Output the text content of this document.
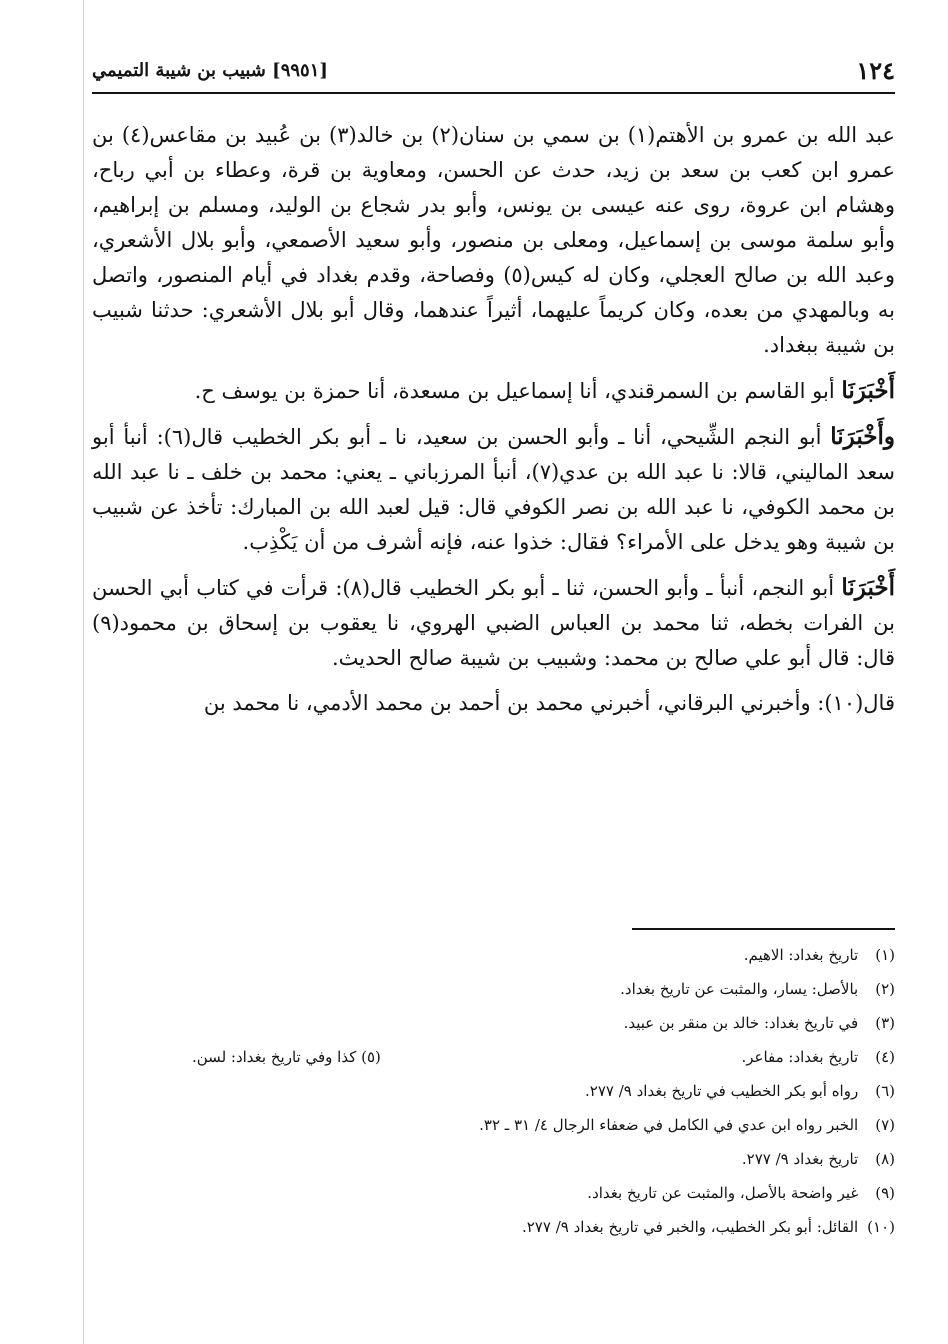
١٢٤
[٩٩٥١] شبيب بن شيبة التميمي

عبد الله بن عمرو بن الأهتم(١) بن سمي بن سنان(٢) بن خالد(٣) بن عُبيد بن مقاعس(٤) بن عمرو ابن كعب بن سعد بن زيد، حدث عن الحسن، ومعاوية بن قرة، وعطاء بن أبي رباح، وهشام ابن عروة، روى عنه عيسى بن يونس، وأبو بدر شجاع بن الوليد، ومسلم بن إبراهيم، وأبو سلمة موسى بن إسماعيل، ومعلى بن منصور، وأبو سعيد الأصمعي، وأبو بلال الأشعري، وعبد الله بن صالح العجلي، وكان له كيس(٥) وفصاحة، وقدم بغداد في أيام المنصور، واتصل به وبالمهدي من بعده، وكان كريماً عليهما، أثيراً عندهما، وقال أبو بلال الأشعري: حدثنا شبيب بن شيبة ببغداد.

أَخْبَرَنَا أبو القاسم بن السمرقندي، أنا إسماعيل بن مسعدة، أنا حمزة بن يوسف ح.

وأَخْبَرَنَا أبو النجم الشِّيحي، أنا ـ وأبو الحسن بن سعيد، نا ـ أبو بكر الخطيب قال(٦): أنبأ أبو سعد الماليني، قالا: نا عبد الله بن عدي(٧)، أنبأ المرزباني ـ يعني: محمد بن خلف ـ نا عبد الله بن محمد الكوفي، نا عبد الله بن نصر الكوفي قال: قيل لعبد الله بن المبارك: تأخذ عن شبيب بن شيبة وهو يدخل على الأمراء؟ فقال: خذوا عنه، فإنه أشرف من أن يَكْذِب.

أَخْبَرَنَا أبو النجم، أنبأ ـ وأبو الحسن، ثنا ـ أبو بكر الخطيب قال(٨): قرأت في كتاب أبي الحسن بن الفرات بخطه، ثنا محمد بن العباس الضبي الهروي، نا يعقوب بن إسحاق بن محمود(٩) قال: قال أبو علي صالح بن محمد: وشبيب بن شيبة صالح الحديث.

قال(١٠): وأخبرني البرقاني، أخبرني محمد بن أحمد بن محمد الأدمي، نا محمد بن

(١) تاريخ بغداد: الاهيم.
(٢) بالأصل: يسار، والمثبت عن تاريخ بغداد.
(٣) في تاريخ بغداد: خالد بن منقر بن عبيد.
(٤) تاريخ بغداد: مفاعر.
(٥) كذا وفي تاريخ بغداد: لسن.
(٦) رواه أبو بكر الخطيب في تاريخ بغداد ٩/ ٢٧٧.
(٧) الخبر رواه ابن عدي في الكامل في ضعفاء الرجال ٤/ ٣١ ـ ٣٢.
(٨) تاريخ بغداد ٩/ ٢٧٧.
(٩) غير واضحة بالأصل، والمثبت عن تاريخ بغداد.
(١٠) القائل: أبو بكر الخطيب، والخبر في تاريخ بغداد ٩/ ٢٧٧.
